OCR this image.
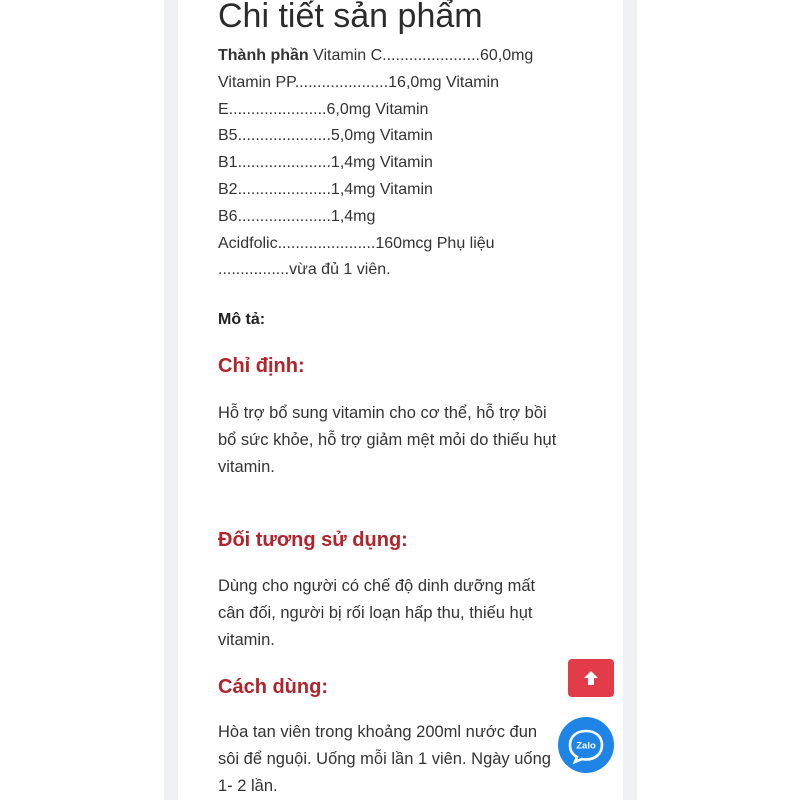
Chi tiết sản phẩm
Thành phần Vitamin C......................60,0mg
Vitamin PP.....................16,0mg Vitamin
E......................6,0mg Vitamin
B5.....................5,0mg Vitamin
B1.....................1,4mg Vitamin
B2.....................1,4mg Vitamin
B6.....................1,4mg
Acidfolic......................160mcg Phụ liệu
................vừa đủ 1 viên.
Mô tả:
Chỉ định:
Hỗ trợ bổ sung vitamin cho cơ thể, hỗ trợ bồi
bổ sức khỏe, hỗ trợ giảm mệt mỏi do thiếu hụt
vitamin.
Đối tương sử dụng:
Dùng cho người có chế độ dinh dưỡng mất
cân đối, người bị rối loạn hấp thu, thiếu hụt
vitamin.
Cách dùng:
Hòa tan viên trong khoảng 200ml nước đun
sôi để nguội. Uống mỗi lần 1 viên. Ngày uống
1- 2 lần.
Zalo
